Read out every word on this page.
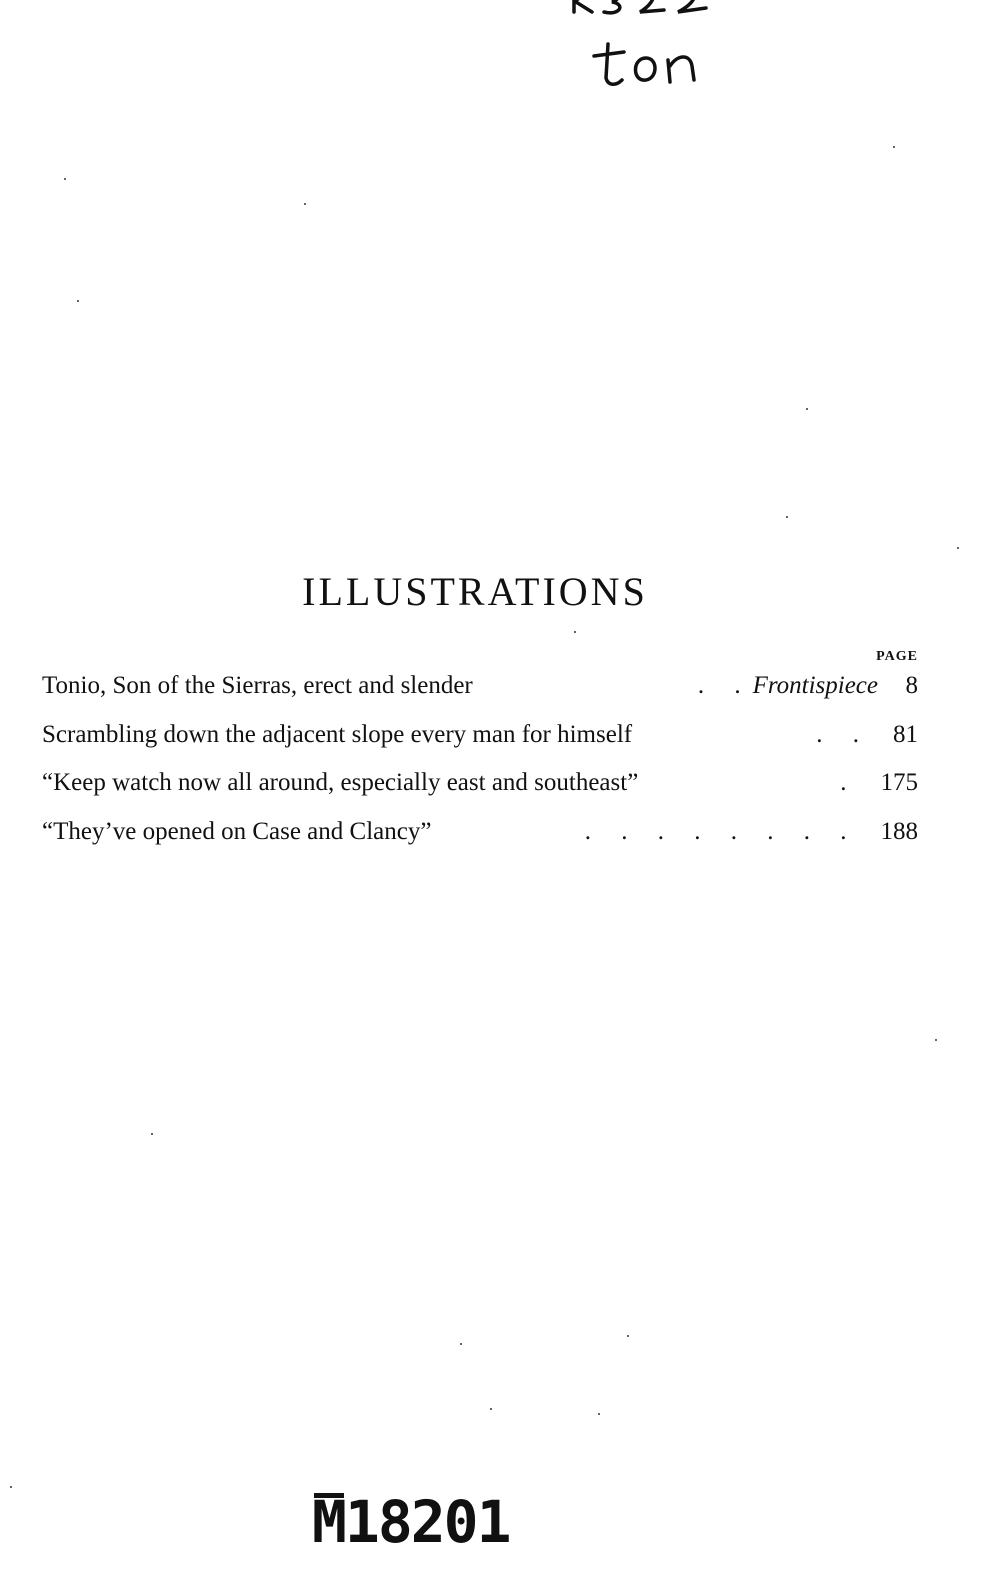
ILLUSTRATIONS
PAGE
Tonio, Son of the Sierras, erect and slender	. . Frontispiece	8
Scrambling down the adjacent slope every man for himself	. . 81
“Keep watch now all around, especially east and southeast”	. 175
“They’ve opened on Case and Clancy”	. . . . . . . . 188
M18201
